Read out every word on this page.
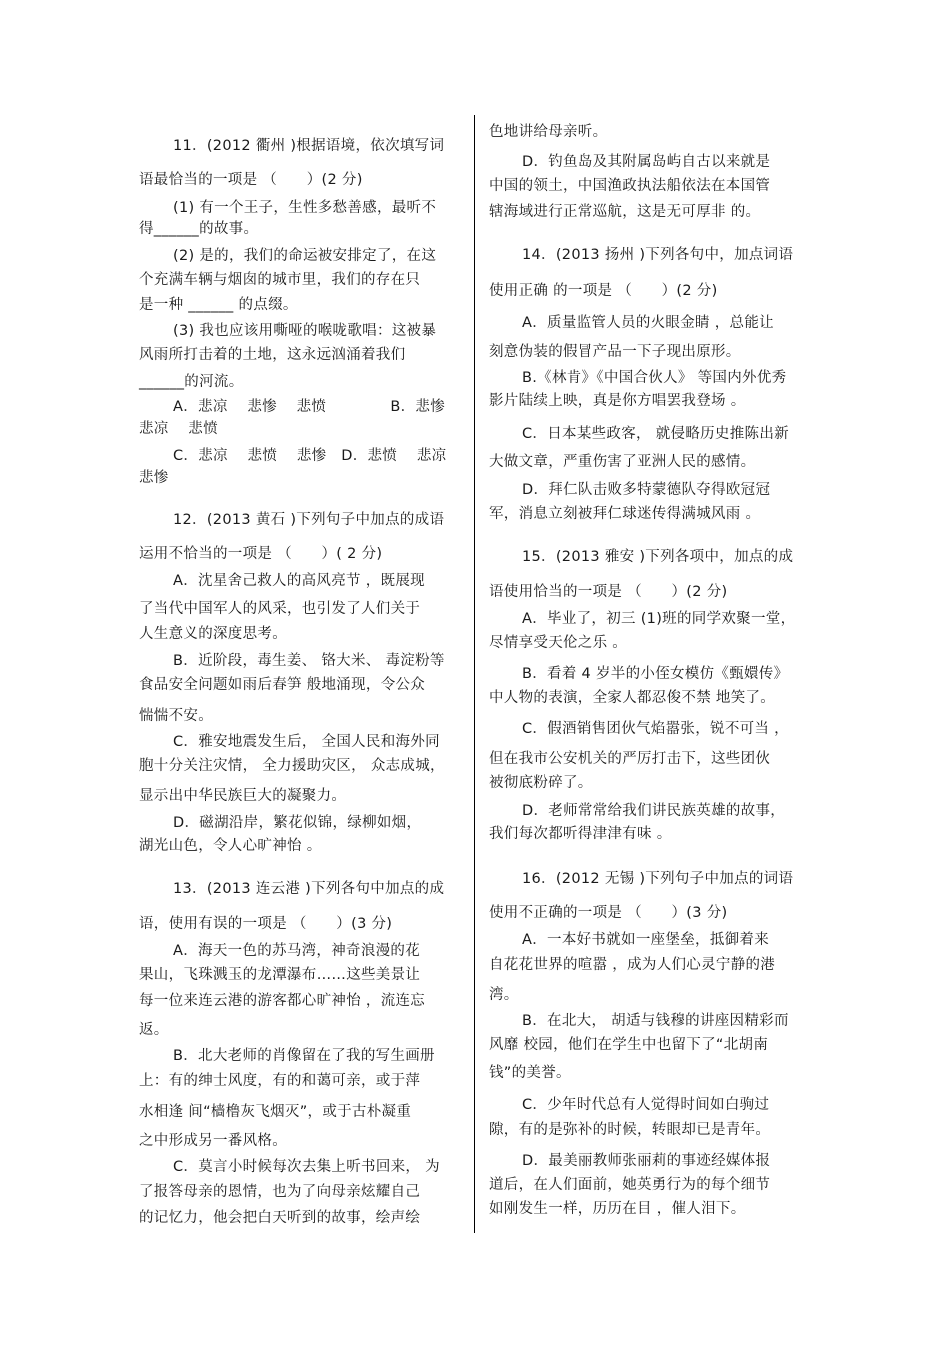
11．(2012 衢州 )根据语境，依次填写词
语最恰当的一项是 （　　）(2 分)
(1) 有一个王子，生性多愁善感，最听不
得______的故事。
(2) 是的，我们的命运被安排定了，在这
个充满车辆与烟囱的城市里，我们的存在只
是一种 ______ 的点缀。
(3) 我也应该用嘶哑的喉咙歌唱：这被暴
风雨所打击着的土地，这永远汹涌着我们
______的河流。
A．悲凉　 悲惨　 悲愤　　　　 B．悲惨
悲凉　 悲愤
C．悲凉　 悲愤　 悲惨　D．悲愤　 悲凉
悲惨
12．(2013 黄石 )下列句子中加点的成语
运用不恰当的一项是 （　　）( 2 分)
A．沈星舍己救人的高风亮节 ，既展现
了当代中国军人的风采，也引发了人们关于
人生意义的深度思考。
B．近阶段，毒生姜、 铬大米、 毒淀粉等
食品安全问题如雨后春笋 般地涌现，令公众
惴惴不安。
C．雅安地震发生后， 全国人民和海外同
胞十分关注灾情， 全力援助灾区， 众志成城，
显示出中华民族巨大的凝聚力。
D．磁湖沿岸，繁花似锦，绿柳如烟，
湖光山色，令人心旷神怡 。
13．(2013 连云港 )下列各句中加点的成
语，使用有误的一项是 （　　）(3 分)
A．海天一色的苏马湾，神奇浪漫的花
果山，飞珠溅玉的龙潭瀑布……这些美景让
每一位来连云港的游客都心旷神怡 ，流连忘
返。
B．北大老师的肖像留在了我的写生画册
上：有的绅士风度，有的和蔼可亲，或于萍
水相逢 间“樯橹灰飞烟灭”，或于古朴凝重
之中形成另一番风格。
C．莫言小时候每次去集上听书回来， 为
了报答母亲的恩情，也为了向母亲炫耀自己
的记忆力，他会把白天听到的故事，绘声绘
色地讲给母亲听。
D．钓鱼岛及其附属岛屿自古以来就是
中国的领土，中国渔政执法船依法在本国管
辖海域进行正常巡航，这是无可厚非 的。
14．(2013 扬州 )下列各句中，加点词语
使用正确 的一项是 （　　）(2 分)
A．质量监管人员的火眼金睛 ，总能让
刻意伪装的假冒产品一下子现出原形。
B.《林肯》《中国合伙人》 等国内外优秀
影片陆续上映，真是你方唱罢我登场 。
C．日本某些政客， 就侵略历史推陈出新
大做文章，严重伤害了亚洲人民的感情。
D．拜仁队击败多特蒙德队夺得欧冠冠
军，消息立刻被拜仁球迷传得满城风雨 。
15．(2013 雅安 )下列各项中，加点的成
语使用恰当的一项是 （　　）(2 分)
A．毕业了，初三 (1)班的同学欢聚一堂，
尽情享受天伦之乐 。
B．看着 4 岁半的小侄女模仿《甄嬛传》
中人物的表演，全家人都忍俊不禁 地笑了。
C．假酒销售团伙气焰嚣张，锐不可当 ，
但在我市公安机关的严厉打击下，这些团伙
被彻底粉碎了。
D．老师常常给我们讲民族英雄的故事，
我们每次都听得津津有味 。
16．(2012 无锡 )下列句子中加点的词语
使用不正确的一项是 （　　）(3 分)
A．一本好书就如一座堡垒，抵御着来
自花花世界的喧嚣 ，成为人们心灵宁静的港
湾。
B．在北大， 胡适与钱穆的讲座因精彩而
风靡 校园，他们在学生中也留下了“北胡南
钱”的美誉。
C．少年时代总有人觉得时间如白驹过
隙，有的是弥补的时候，转眼却已是青年。
D．最美丽教师张丽莉的事迹经媒体报
道后，在人们面前，她英勇行为的每个细节
如刚发生一样，历历在目 ，催人泪下。
